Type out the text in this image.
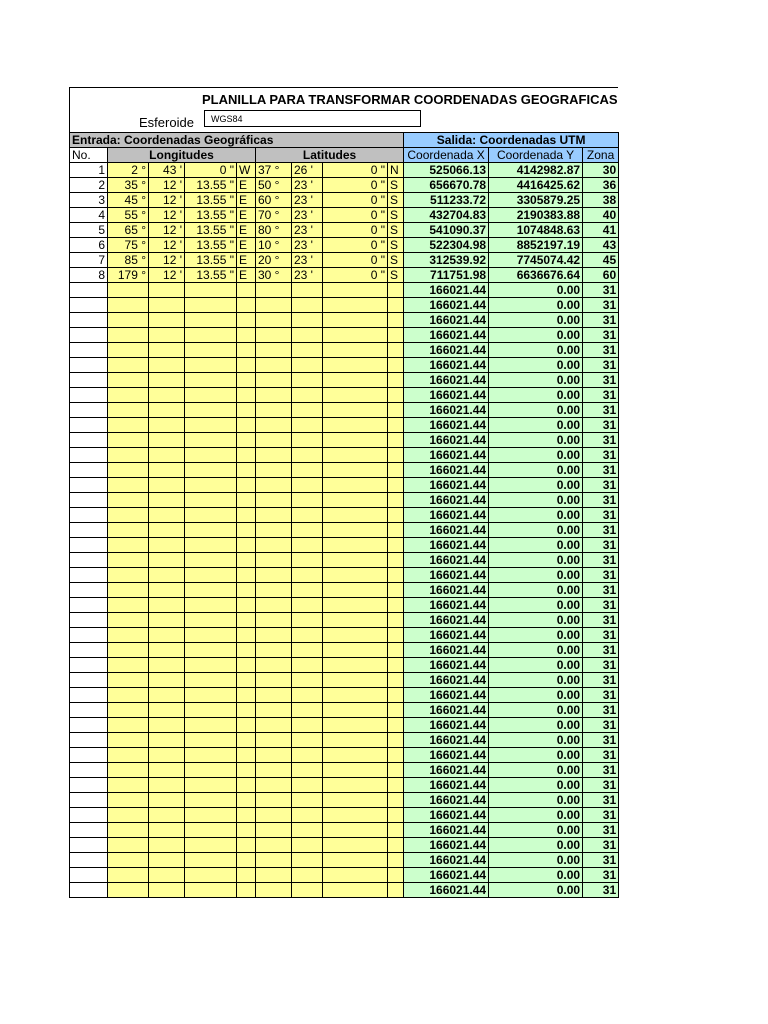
PLANILLA PARA TRANSFORMAR COORDENADAS GEOGRAFICAS
Esferoide	WGS84
Entrada: Coordenadas Geográficas									Salida: Coordenadas UTM		
No.	Longitudes				Latitudes				Coordenada X	Coordenada Y	Zona
1	2 °	43 '	0 "	W	37 °	26 '	0 "	N	525066.13	4142982.87	30
2	35 °	12 '	13.55 "	E	50 °	23 '	0 "	S	656670.78	4416425.62	36
3	45 °	12 '	13.55 "	E	60 °	23 '	0 "	S	511233.72	3305879.25	38
4	55 °	12 '	13.55 "	E	70 °	23 '	0 "	S	432704.83	2190383.88	40
5	65 °	12 '	13.55 "	E	80 °	23 '	0 "	S	541090.37	1074848.63	41
6	75 °	12 '	13.55 "	E	10 °	23 '	0 "	S	522304.98	8852197.19	43
7	85 °	12 '	13.55 "	E	20 °	23 '	0 "	S	312539.92	7745074.42	45
8	179 °	12 '	13.55 "	E	30 °	23 '	0 "	S	711751.98	6636676.64	60
									166021.44	0.00	31
									166021.44	0.00	31
									166021.44	0.00	31
									166021.44	0.00	31
									166021.44	0.00	31
									166021.44	0.00	31
									166021.44	0.00	31
									166021.44	0.00	31
									166021.44	0.00	31
									166021.44	0.00	31
									166021.44	0.00	31
									166021.44	0.00	31
									166021.44	0.00	31
									166021.44	0.00	31
									166021.44	0.00	31
									166021.44	0.00	31
									166021.44	0.00	31
									166021.44	0.00	31
									166021.44	0.00	31
									166021.44	0.00	31
									166021.44	0.00	31
									166021.44	0.00	31
									166021.44	0.00	31
									166021.44	0.00	31
									166021.44	0.00	31
									166021.44	0.00	31
									166021.44	0.00	31
									166021.44	0.00	31
									166021.44	0.00	31
									166021.44	0.00	31
									166021.44	0.00	31
									166021.44	0.00	31
									166021.44	0.00	31
									166021.44	0.00	31
									166021.44	0.00	31
									166021.44	0.00	31
									166021.44	0.00	31
									166021.44	0.00	31
									166021.44	0.00	31
									166021.44	0.00	31
									166021.44	0.00	31
